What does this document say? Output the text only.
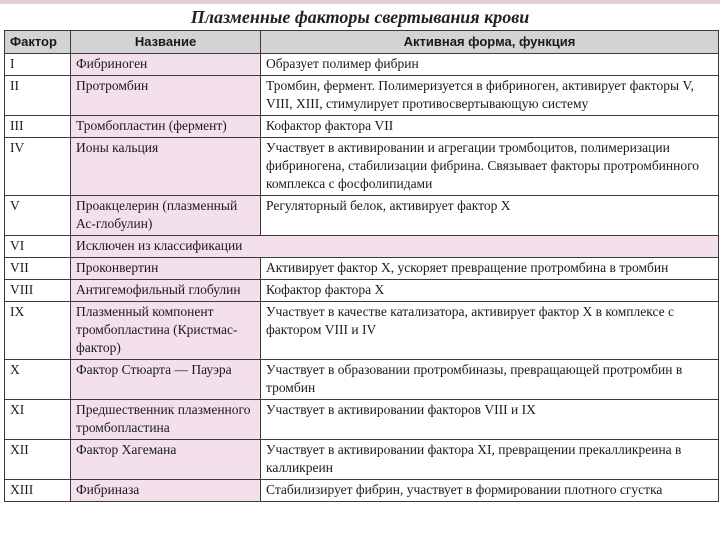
Плазменные факторы свертывания крови
Фактор	Название	Активная форма, функция
I	Фибриноген	Образует полимер фибрин
II	Протромбин	Тромбин, фермент. Полимеризуется в фибриноген, активирует факторы V, VIII, XIII, стимулирует противосвертывающую систему
III	Тромбопластин (фермент)	Кофактор фактора VII
IV	Ионы кальция	Участвует в активировании и агрегации тромбоцитов, полимеризации фибриногена, стабилизации фибрина. Связывает факторы протромбинного комплекса с фосфолипидами
V	Проакцелерин (плазменный Ас-глобулин)	Регуляторный белок, активирует фактор X
VI	Исключен из классификации	
VII	Проконвертин	Активирует фактор X, ускоряет превращение протромбина в тромбин
VIII	Антигемофильный глобулин	Кофактор фактора X
IX	Плазменный компонент тромбопластина (Кристмас-фактор)	Участвует в качестве катализатора, активирует фактор X в комплексе с фактором VIII и IV
X	Фактор Стюарта — Пауэра	Участвует в образовании протромбиназы, превращающей протромбин в тромбин
XI	Предшественник плазменного тромбопластина	Участвует в активировании факторов VIII и IX
XII	Фактор Хагемана	Участвует в активировании фактора XI, превращении прекалликреина в калликреин
XIII	Фибриназа	Стабилизирует фибрин, участвует в формировании плотного сгустка
